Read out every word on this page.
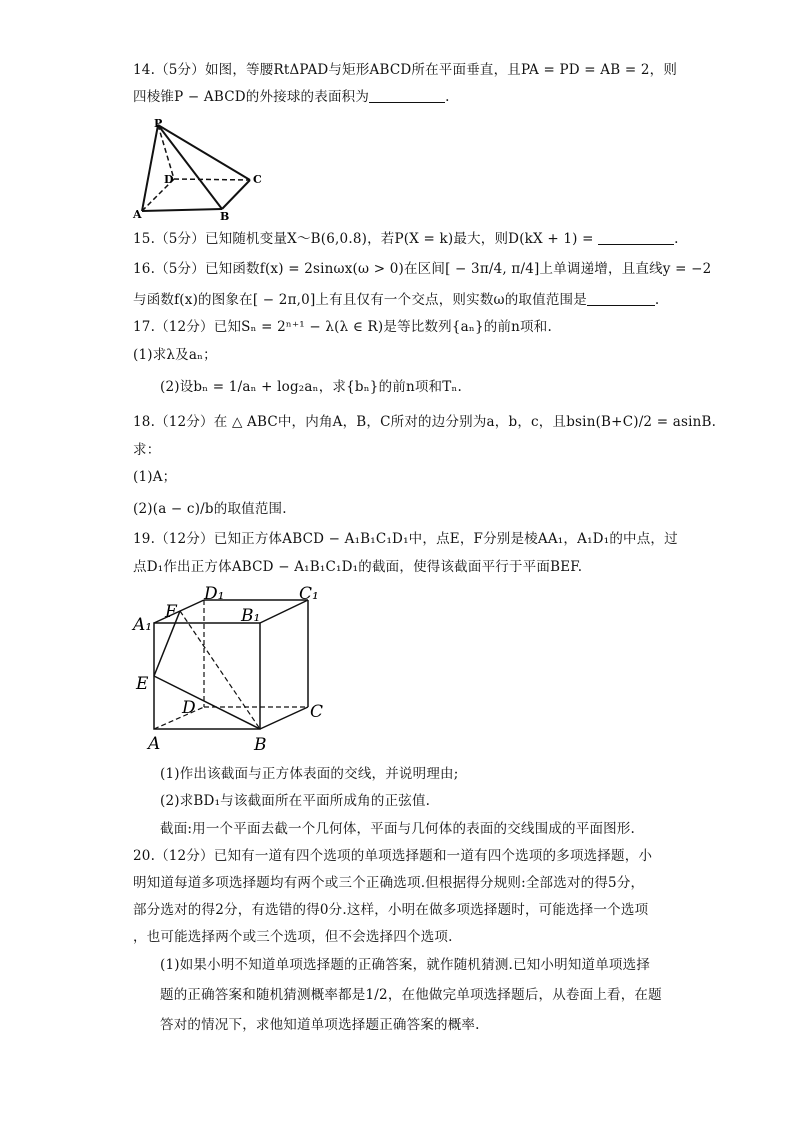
14.（5分）如图，等腰RtΔPAD与矩形ABCD所在平面垂直，且PA = PD = AB = 2，则
四棱锥P − ABCD的外接球的表面积为	.
P
D	C
A	B
15.（5分）已知随机变量X～B(6,0.8)，若P(X = k)最大，则D(kX + 1) =	.
16.（5分）已知函数f(x) = 2sinωx(ω > 0)在区间[ − 3π/4, π/4]上单调递增，且直线y = −2
与函数f(x)的图象在[ − 2π,0]上有且仅有一个交点，则实数ω的取值范围是	.
17.（12分）已知Sₙ = 2ⁿ⁺¹ − λ(λ ∈ R)是等比数列{aₙ}的前n项和.
(1)求λ及aₙ；
(2)设bₙ = 1/aₙ + log₂aₙ，求{bₙ}的前n项和Tₙ.
18.（12分）在 △ ABC中，内角A，B，C所对的边分别为a，b，c，且bsin(B+C)/2 = asinB.
求：
(1)A；
(2)(a − c)/b的取值范围.
19.（12分）已知正方体ABCD − A₁B₁C₁D₁中，点E，F分别是棱AA₁，A₁D₁的中点，过
点D₁作出正方体ABCD − A₁B₁C₁D₁的截面，使得该截面平行于平面BEF.
F
D₁	C₁
A₁	B₁
E
D	C
A	B
(1)作出该截面与正方体表面的交线，并说明理由;
(2)求BD₁与该截面所在平面所成角的正弦值.
截面:用一个平面去截一个几何体，平面与几何体的表面的交线围成的平面图形.
20.（12分）已知有一道有四个选项的单项选择题和一道有四个选项的多项选择题，小
明知道每道多项选择题均有两个或三个正确选项.但根据得分规则:全部选对的得5分，
部分选对的得2分，有选错的得0分.这样，小明在做多项选择题时，可能选择一个选项
，也可能选择两个或三个选项，但不会选择四个选项.
(1)如果小明不知道单项选择题的正确答案，就作随机猜测.已知小明知道单项选择
题的正确答案和随机猜测概率都是1/2，在他做完单项选择题后，从卷面上看，在题
答对的情况下，求他知道单项选择题正确答案的概率.
